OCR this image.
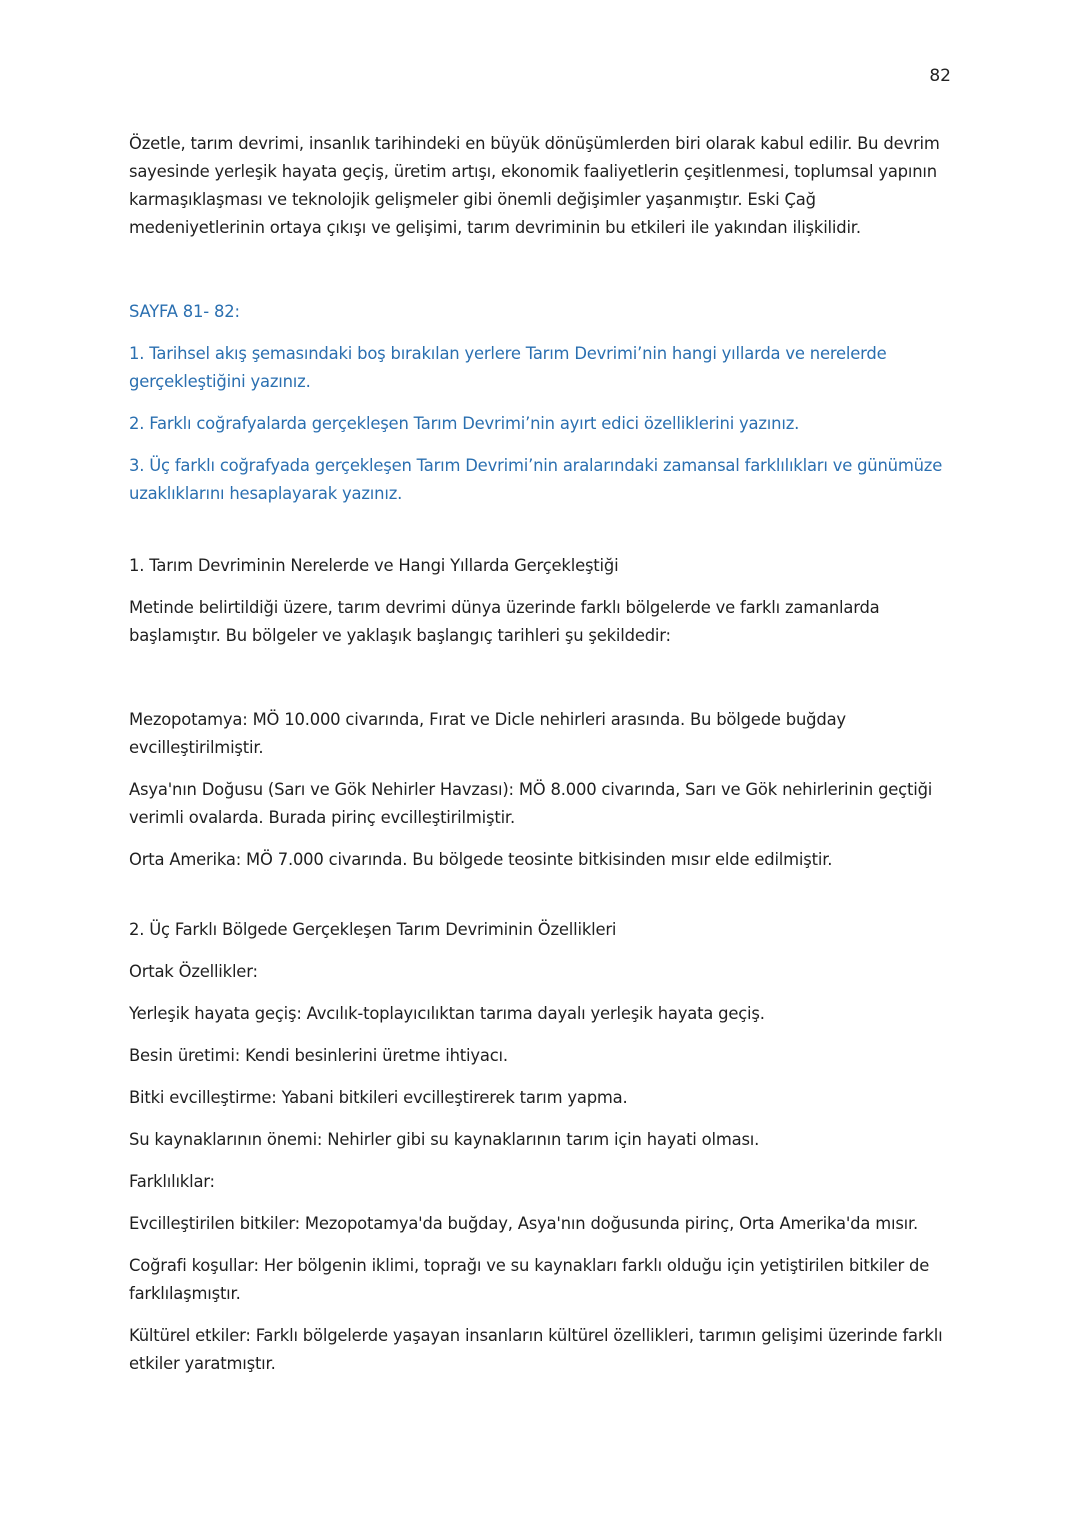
82

Özetle, tarım devrimi, insanlık tarihindeki en büyük dönüşümlerden biri olarak kabul edilir. Bu devrim sayesinde yerleşik hayata geçiş, üretim artışı, ekonomik faaliyetlerin çeşitlenmesi, toplumsal yapının karmaşıklaşması ve teknolojik gelişmeler gibi önemli değişimler yaşanmıştır. Eski Çağ medeniyetlerinin ortaya çıkışı ve gelişimi, tarım devriminin bu etkileri ile yakından ilişkilidir.

SAYFA 81- 82:

1. Tarihsel akış şemasındaki boş bırakılan yerlere Tarım Devrimi’nin hangi yıllarda ve nerelerde gerçekleştiğini yazınız.

2. Farklı coğrafyalarda gerçekleşen Tarım Devrimi’nin ayırt edici özelliklerini yazınız.

3. Üç farklı coğrafyada gerçekleşen Tarım Devrimi’nin aralarındaki zamansal farklılıkları ve günümüze uzaklıklarını hesaplayarak yazınız.

1. Tarım Devriminin Nerelerde ve Hangi Yıllarda Gerçekleştiği

Metinde belirtildiği üzere, tarım devrimi dünya üzerinde farklı bölgelerde ve farklı zamanlarda başlamıştır. Bu bölgeler ve yaklaşık başlangıç tarihleri şu şekildedir:

Mezopotamya: MÖ 10.000 civarında, Fırat ve Dicle nehirleri arasında. Bu bölgede buğday evcilleştirilmiştir.

Asya'nın Doğusu (Sarı ve Gök Nehirler Havzası): MÖ 8.000 civarında, Sarı ve Gök nehirlerinin geçtiği verimli ovalarda. Burada pirinç evcilleştirilmiştir.

Orta Amerika: MÖ 7.000 civarında. Bu bölgede teosinte bitkisinden mısır elde edilmiştir.

2. Üç Farklı Bölgede Gerçekleşen Tarım Devriminin Özellikleri

Ortak Özellikler:

Yerleşik hayata geçiş: Avcılık-toplayıcılıktan tarıma dayalı yerleşik hayata geçiş.

Besin üretimi: Kendi besinlerini üretme ihtiyacı.

Bitki evcilleştirme: Yabani bitkileri evcilleştirerek tarım yapma.

Su kaynaklarının önemi: Nehirler gibi su kaynaklarının tarım için hayati olması.

Farklılıklar:

Evcilleştirilen bitkiler: Mezopotamya'da buğday, Asya'nın doğusunda pirinç, Orta Amerika'da mısır.

Coğrafi koşullar: Her bölgenin iklimi, toprağı ve su kaynakları farklı olduğu için yetiştirilen bitkiler de farklılaşmıştır.

Kültürel etkiler: Farklı bölgelerde yaşayan insanların kültürel özellikleri, tarımın gelişimi üzerinde farklı etkiler yaratmıştır.
